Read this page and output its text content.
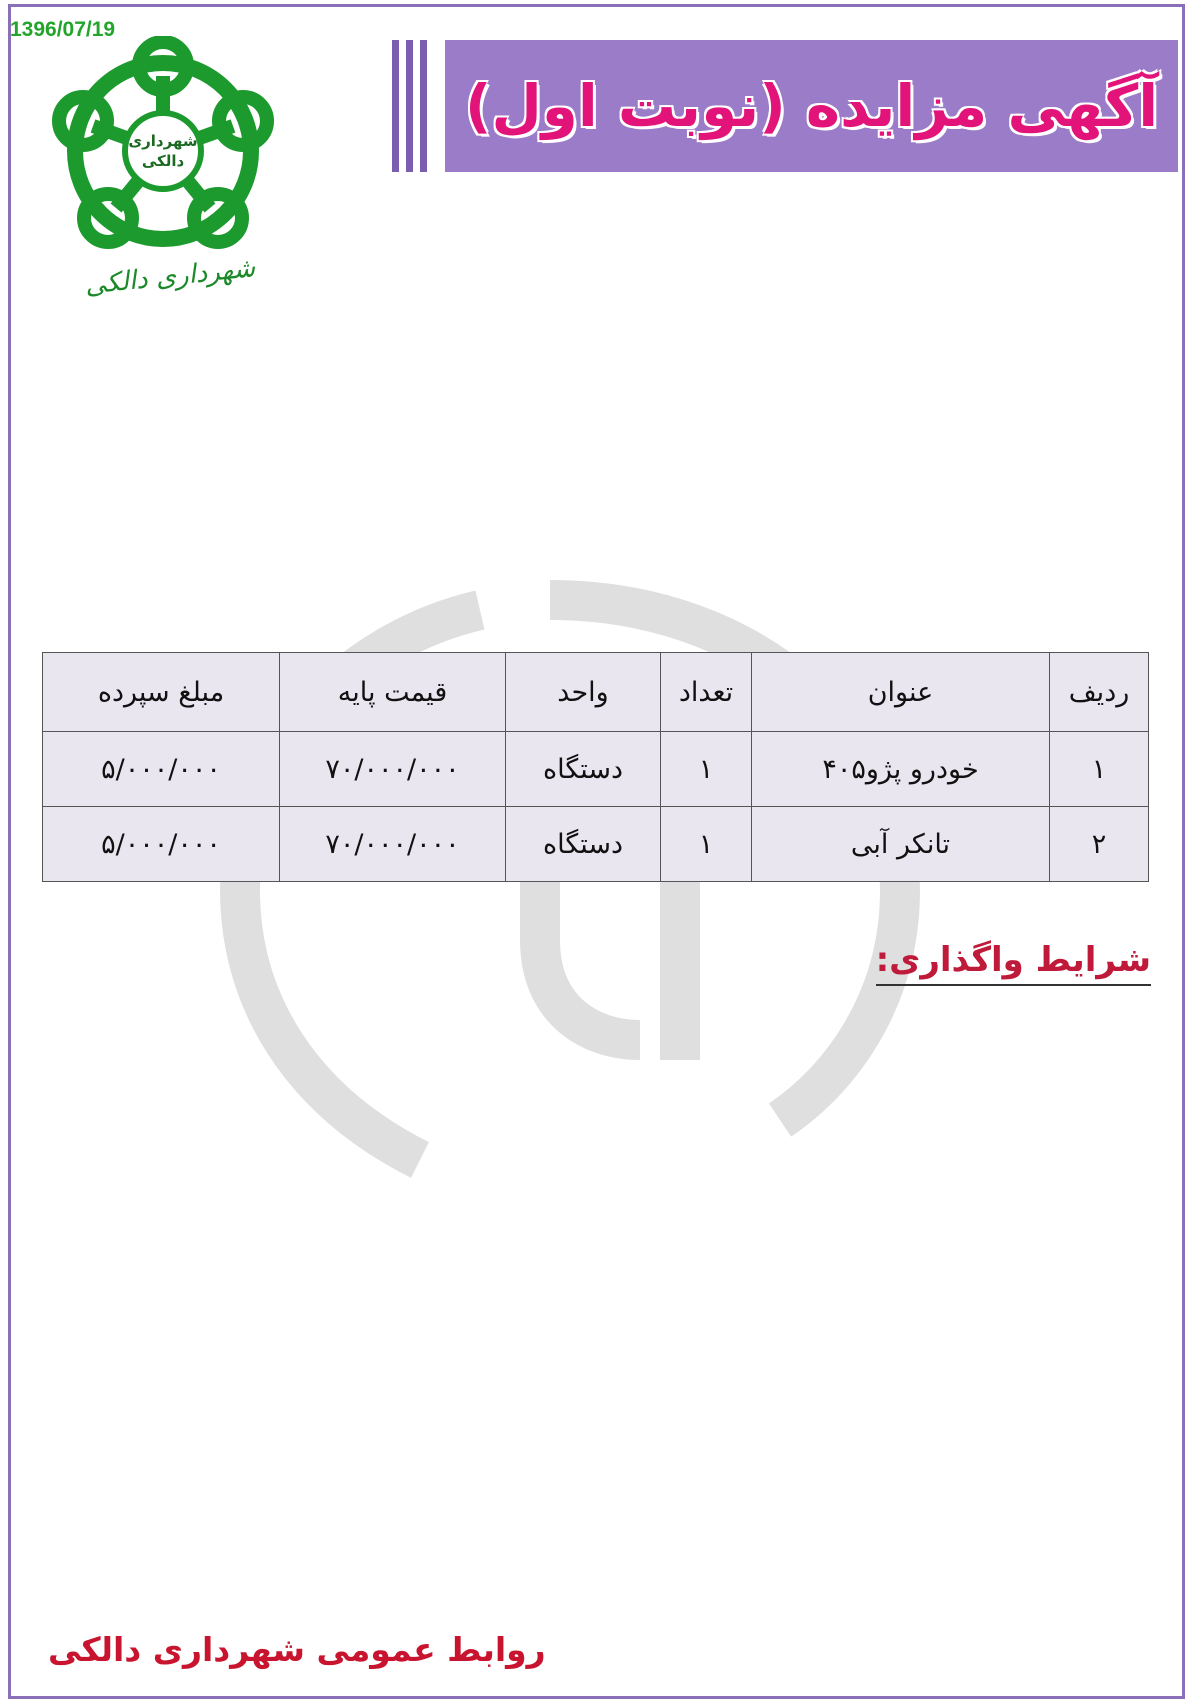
1396/07/19
شهرداری
دالکی
شهرداری دالکی
آگهی مزایده (نوبت اول)
ردیف	عنوان	تعداد	واحد	قیمت پایه	مبلغ سپرده
۱	خودرو پژو۴۰۵	۱	دستگاه	۷۰/۰۰۰/۰۰۰	۵/۰۰۰/۰۰۰
۲	تانکر آبی	۱	دستگاه	۷۰/۰۰۰/۰۰۰	۵/۰۰۰/۰۰۰
شرایط واگذاری:
روابط عمومی شهرداری دالکی
